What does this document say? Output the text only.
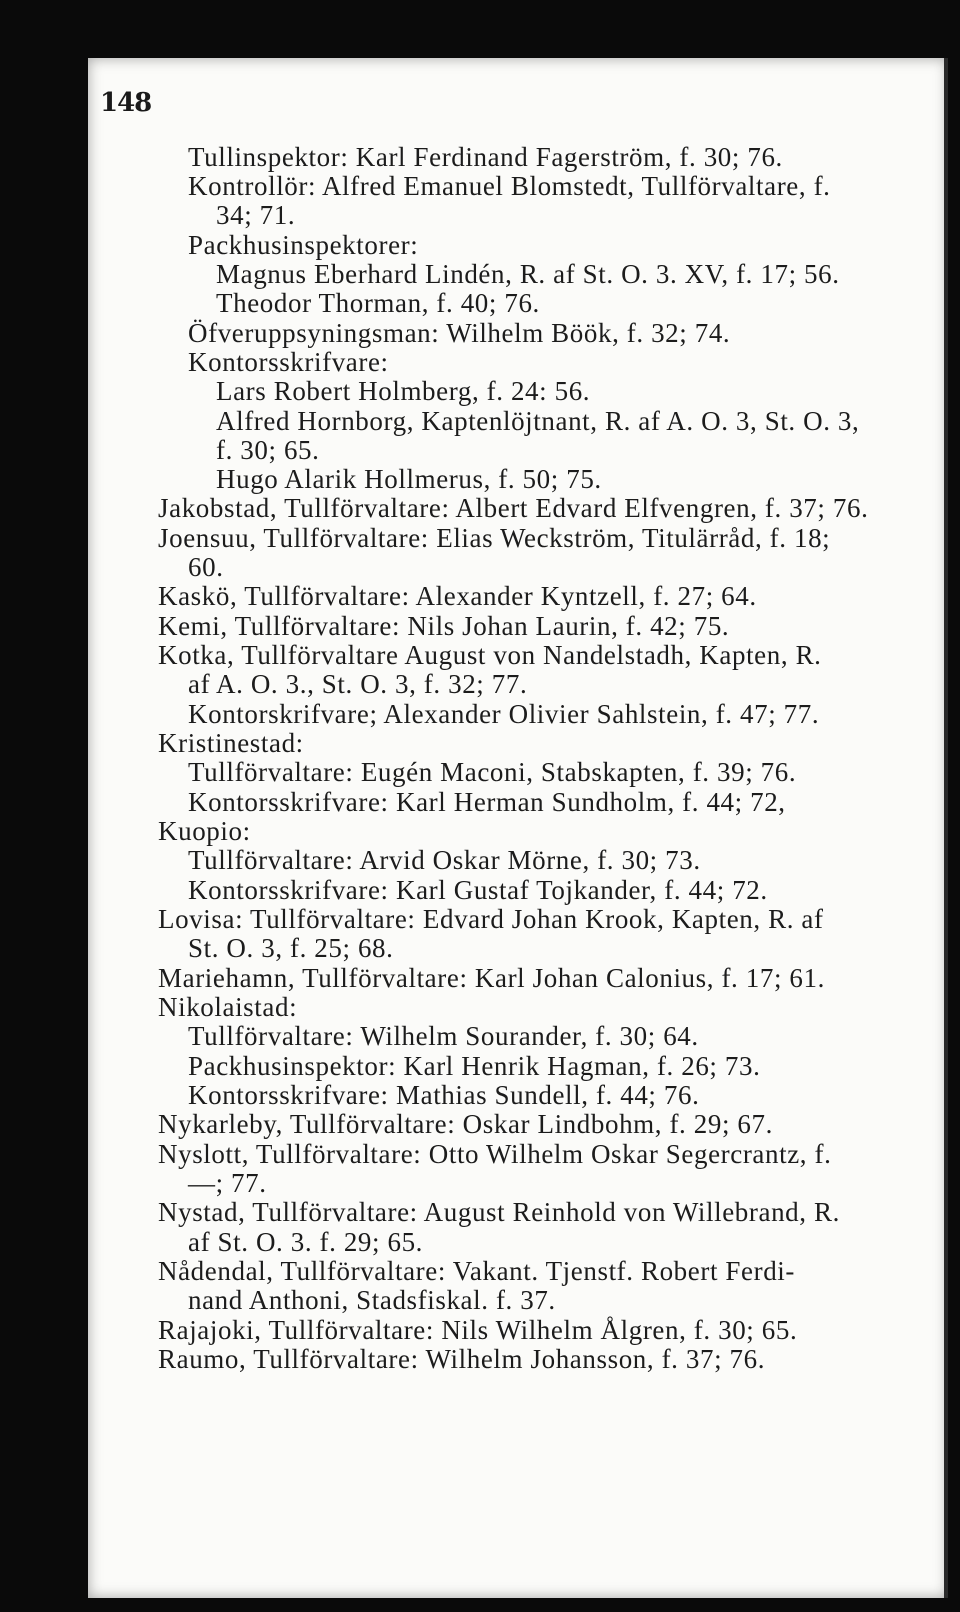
148
Tullinspektor: Karl Ferdinand Fagerström, f. 30; 76.
Kontrollör: Alfred Emanuel Blomstedt, Tullförvaltare, f.
34; 71.
Packhusinspektorer:
Magnus Eberhard Lindén, R. af St. O. 3. XV, f. 17; 56.
Theodor Thorman, f. 40; 76.
Öfveruppsyningsman: Wilhelm Böök, f. 32; 74.
Kontorsskrifvare:
Lars Robert Holmberg, f. 24: 56.
Alfred Hornborg, Kaptenlöjtnant, R. af A. O. 3, St. O. 3,
f. 30; 65.
Hugo Alarik Hollmerus, f. 50; 75.
Jakobstad, Tullförvaltare: Albert Edvard Elfvengren, f. 37; 76.
Joensuu, Tullförvaltare: Elias Weckström, Titulärråd, f. 18;
60.
Kaskö, Tullförvaltare: Alexander Kyntzell, f. 27; 64.
Kemi, Tullförvaltare: Nils Johan Laurin, f. 42; 75.
Kotka, Tullförvaltare August von Nandelstadh, Kapten, R.
af A. O. 3., St. O. 3, f. 32; 77.
Kontorskrifvare; Alexander Olivier Sahlstein, f. 47; 77.
Kristinestad:
Tullförvaltare: Eugén Maconi, Stabskapten, f. 39; 76.
Kontorsskrifvare: Karl Herman Sundholm, f. 44; 72,
Kuopio:
Tullförvaltare: Arvid Oskar Mörne, f. 30; 73.
Kontorsskrifvare: Karl Gustaf Tojkander, f. 44; 72.
Lovisa: Tullförvaltare: Edvard Johan Krook, Kapten, R. af
St. O. 3, f. 25; 68.
Mariehamn, Tullförvaltare: Karl Johan Calonius, f. 17; 61.
Nikolaistad:
Tullförvaltare: Wilhelm Sourander, f. 30; 64.
Packhusinspektor: Karl Henrik Hagman, f. 26; 73.
Kontorsskrifvare: Mathias Sundell, f. 44; 76.
Nykarleby, Tullförvaltare: Oskar Lindbohm, f. 29; 67.
Nyslott, Tullförvaltare: Otto Wilhelm Oskar Segercrantz, f.
—; 77.
Nystad, Tullförvaltare: August Reinhold von Willebrand, R.
af St. O. 3. f. 29; 65.
Nådendal, Tullförvaltare: Vakant. Tjenstf. Robert Ferdi-
nand Anthoni, Stadsfiskal. f. 37.
Rajajoki, Tullförvaltare: Nils Wilhelm Ålgren, f. 30; 65.
Raumo, Tullförvaltare: Wilhelm Johansson, f. 37; 76.
